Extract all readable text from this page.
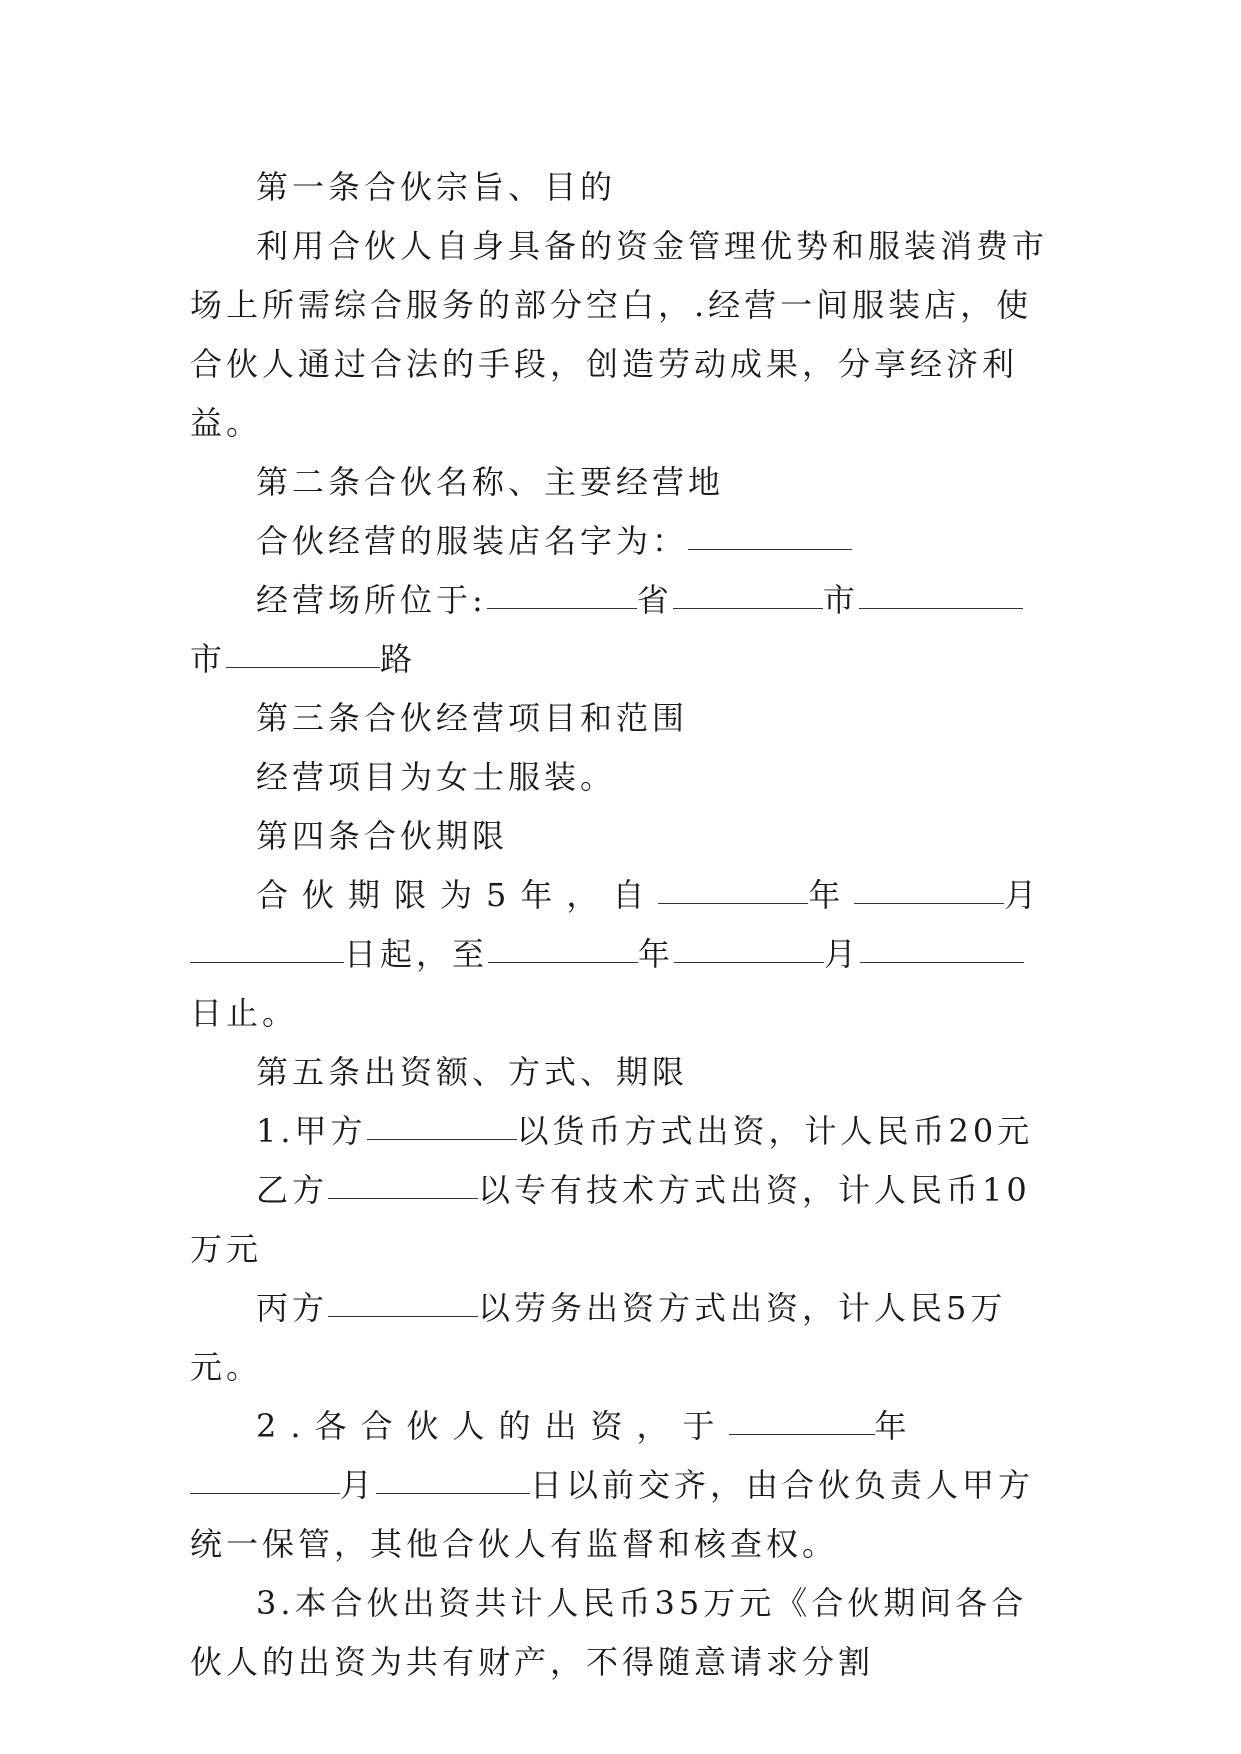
第一条合伙宗旨、目的

利用合伙人自身具备的资金管理优势和服装消费市场上所需综合服务的部分空白，.经营一间服装店，使合伙人通过合法的手段，创造劳动成果，分享经济利益。

第二条合伙名称、主要经营地

合伙经营的服装店名字为：

经营场所位于:	省	市市	路

第三条合伙经营项目和范围

经营项目为女士服装。

第四条合伙期限

合伙期限为5年，自	年	月日起，至	年	月日止。

第五条出资额、方式、期限

1.甲方	以货币方式出资，计人民币20元

乙方	以专有技术方式出资，计人民币10万元

丙方	以劳务出资方式出资，计人民5万元。

2.各合伙人的出资，于	年月	日以前交齐，由合伙负责人甲方统一保管，其他合伙人有监督和核查权。

3.本合伙出资共计人民币35万元《合伙期间各合伙人的出资为共有财产，不得随意请求分割
